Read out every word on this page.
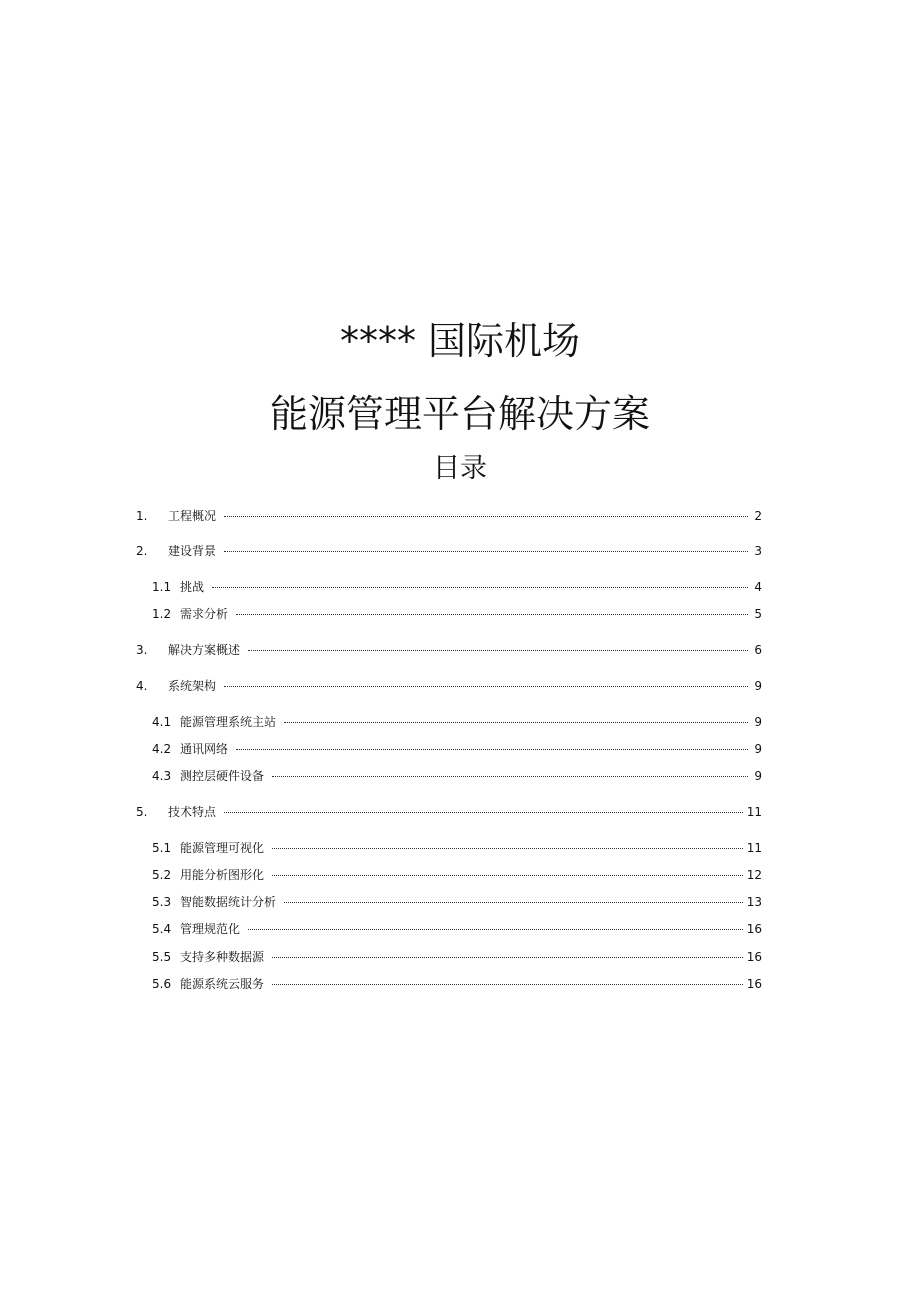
**** 国际机场
能源管理平台解决方案
目录
1.	工程概况	2
2.	建设背景	3
1.1 挑战	4
1.2 需求分析	5
3.	解决方案概述	6
4.	系统架构	9
4.1 能源管理系统主站	9
4.2 通讯网络	9
4.3 测控层硬件设备	9
5.	技术特点	11
5.1 能源管理可视化	11
5.2 用能分析图形化	12
5.3 智能数据统计分析	13
5.4 管理规范化	16
5.5 支持多种数据源	16
5.6 能源系统云服务	16
